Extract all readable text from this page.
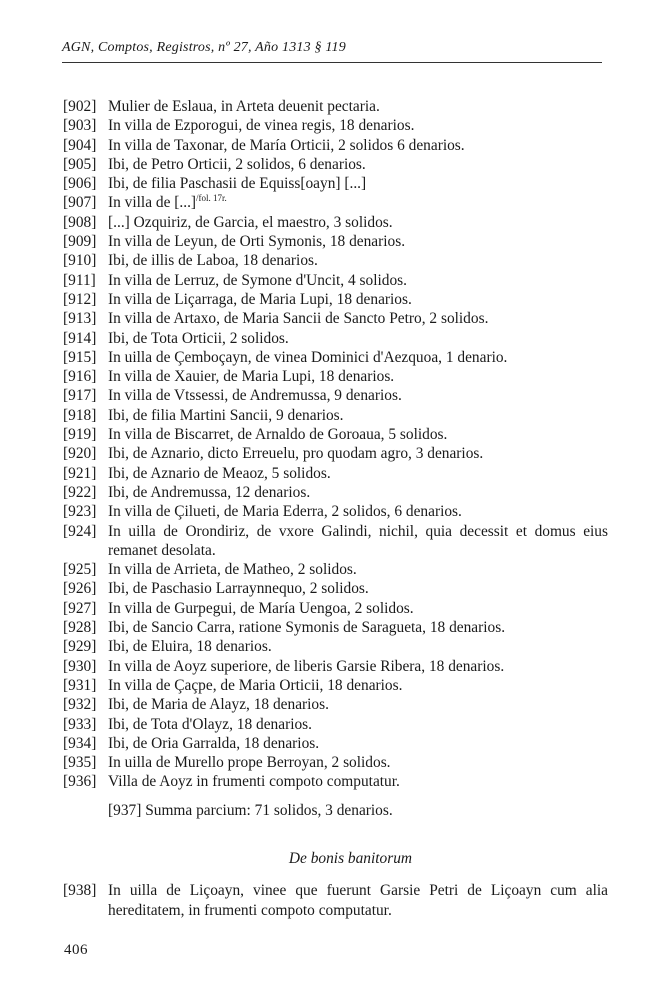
AGN, Comptos, Registros, nº 27, Año 1313 § 119
[902] Mulier de Eslaua, in Arteta deuenit pectaria.
[903] In villa de Ezporogui, de vinea regis, 18 denarios.
[904] In villa de Taxonar, de María Orticii, 2 solidos 6 denarios.
[905] Ibi, de Petro Orticii, 2 solidos, 6 denarios.
[906] Ibi, de filia Paschasii de Equiss[oayn] [...]
[907] In villa de [...]$^{/fol. 17r.}$
[908] [...] Ozquiriz, de Garcia, el maestro, 3 solidos.
[909] In villa de Leyun, de Orti Symonis, 18 denarios.
[910] Ibi, de illis de Laboa, 18 denarios.
[911] In villa de Lerruz, de Symone d'Uncit, 4 solidos.
[912] In villa de Liçarraga, de Maria Lupi, 18 denarios.
[913] In villa de Artaxo, de Maria Sancii de Sancto Petro, 2 solidos.
[914] Ibi, de Tota Orticii, 2 solidos.
[915] In uilla de Çemboçayn, de vinea Dominici d'Aezquoa, 1 denario.
[916] In villa de Xauier, de Maria Lupi, 18 denarios.
[917] In villa de Vtssessi, de Andremussa, 9 denarios.
[918] Ibi, de filia Martini Sancii, 9 denarios.
[919] In villa de Biscarret, de Arnaldo de Goroaua, 5 solidos.
[920] Ibi, de Aznario, dicto Erreuelu, pro quodam agro, 3 denarios.
[921] Ibi, de Aznario de Meaoz, 5 solidos.
[922] Ibi, de Andremussa, 12 denarios.
[923] In villa de Çilueti, de Maria Ederra, 2 solidos, 6 denarios.
[924] In uilla de Orondiriz, de vxore Galindi, nichil, quia decessit et domus eius remanet desolata.
[925] In villa de Arrieta, de Matheo, 2 solidos.
[926] Ibi, de Paschasio Larraynnequo, 2 solidos.
[927] In villa de Gurpegui, de María Uengoa, 2 solidos.
[928] Ibi, de Sancio Carra, ratione Symonis de Saragueta, 18 denarios.
[929] Ibi, de Eluira, 18 denarios.
[930] In villa de Aoyz superiore, de liberis Garsie Ribera, 18 denarios.
[931] In villa de Çaçpe, de Maria Orticii, 18 denarios.
[932] Ibi, de Maria de Alayz, 18 denarios.
[933] Ibi, de Tota d'Olayz, 18 denarios.
[934] Ibi, de Oria Garralda, 18 denarios.
[935] In uilla de Murello prope Berroyan, 2 solidos.
[936] Villa de Aoyz in frumenti compoto computatur.
[937] Summa parcium: 71 solidos, 3 denarios.
De bonis banitorum
[938] In uilla de Liçoayn, vinee que fuerunt Garsie Petri de Liçoayn cum alia hereditatem, in frumenti compoto computatur.
406
